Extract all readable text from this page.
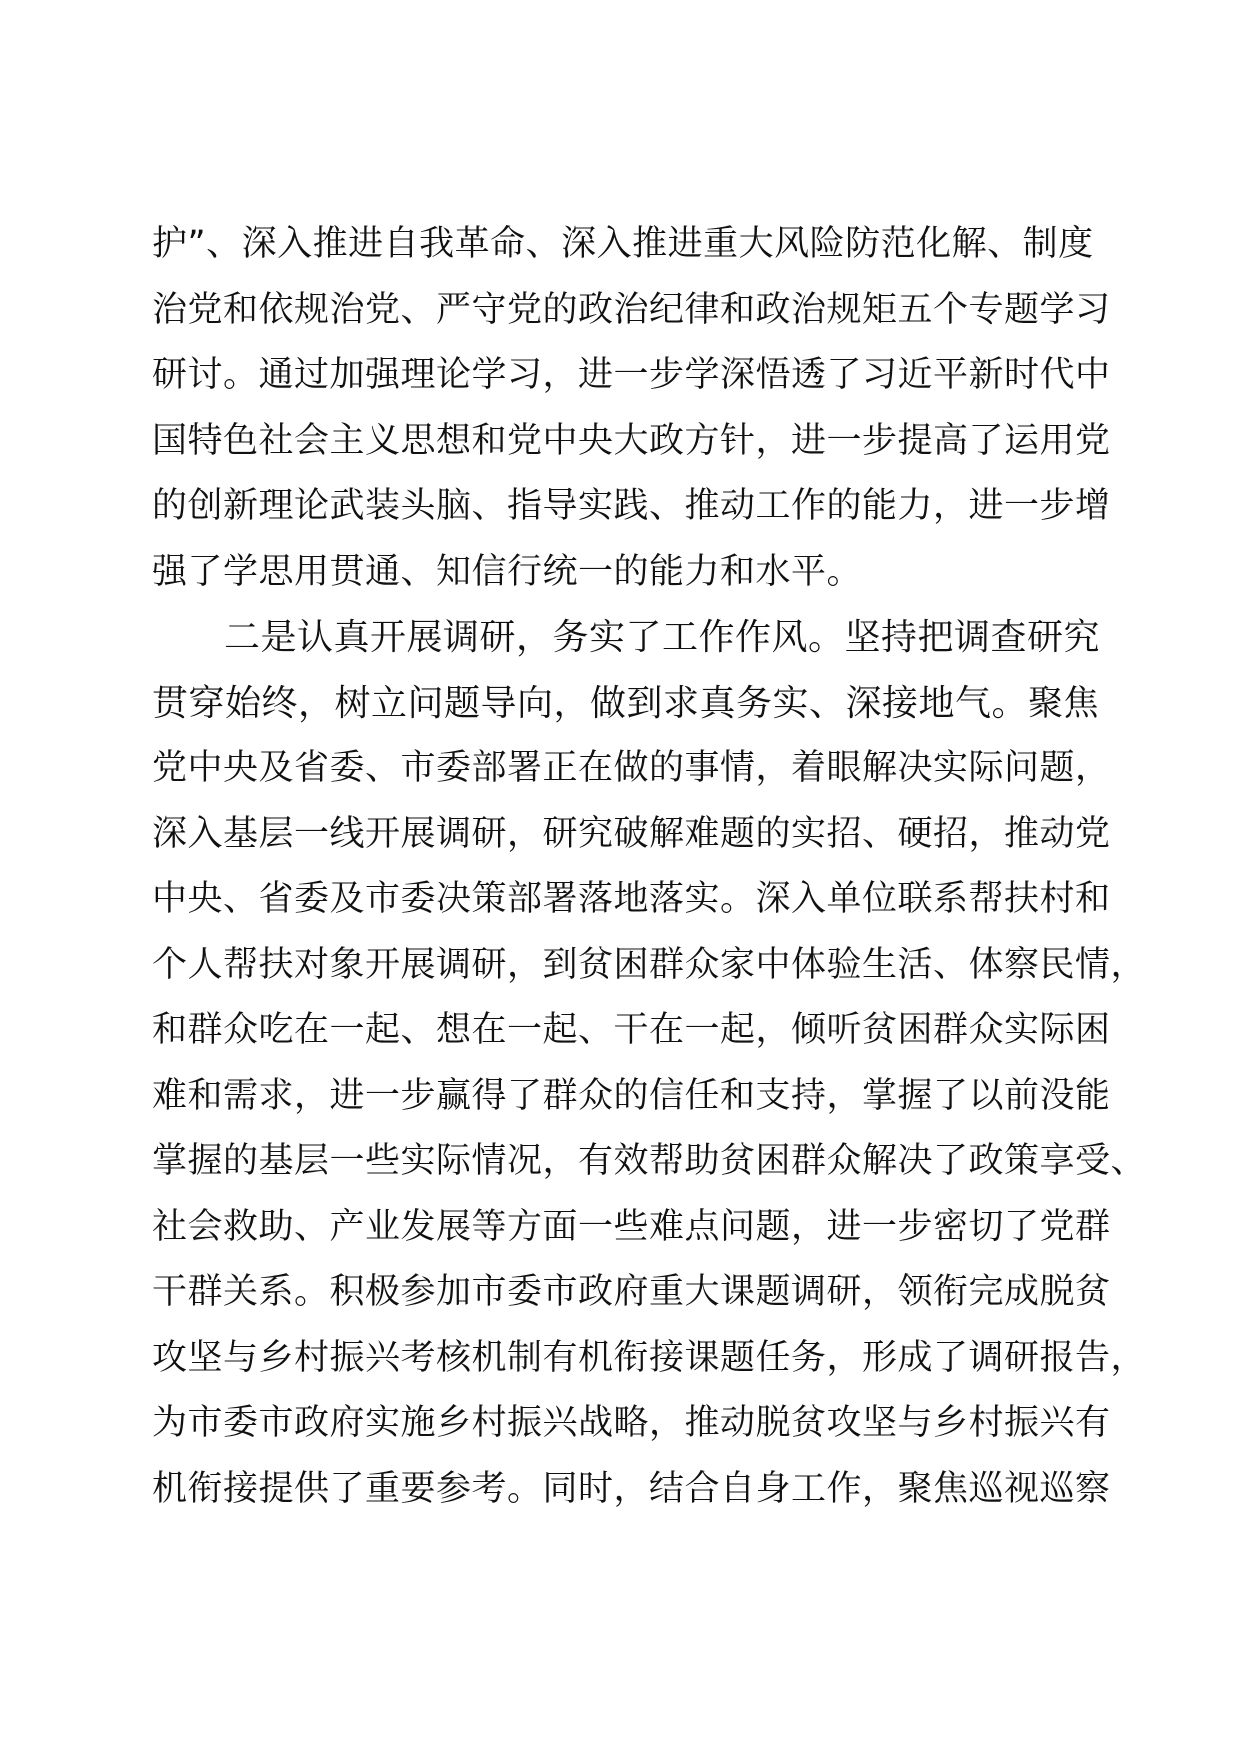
护”、深入推进自我革命、深入推进重大风险防范化解、制度
治党和依规治党、严守党的政治纪律和政治规矩五个专题学习
研讨。通过加强理论学习，进一步学深悟透了习近平新时代中
国特色社会主义思想和党中央大政方针，进一步提高了运用党
的创新理论武装头脑、指导实践、推动工作的能力，进一步增
强了学思用贯通、知信行统一的能力和水平。
二是认真开展调研，务实了工作作风。坚持把调查研究
贯穿始终，树立问题导向，做到求真务实、深接地气。聚焦
党中央及省委、市委部署正在做的事情，着眼解决实际问题，
深入基层一线开展调研，研究破解难题的实招、硬招，推动党
中央、省委及市委决策部署落地落实。深入单位联系帮扶村和
个人帮扶对象开展调研，到贫困群众家中体验生活、体察民情，
和群众吃在一起、想在一起、干在一起，倾听贫困群众实际困
难和需求，进一步赢得了群众的信任和支持，掌握了以前没能
掌握的基层一些实际情况，有效帮助贫困群众解决了政策享受、
社会救助、产业发展等方面一些难点问题，进一步密切了党群
干群关系。积极参加市委市政府重大课题调研，领衔完成脱贫
攻坚与乡村振兴考核机制有机衔接课题任务，形成了调研报告，
为市委市政府实施乡村振兴战略，推动脱贫攻坚与乡村振兴有
机衔接提供了重要参考。同时，结合自身工作，聚焦巡视巡察
